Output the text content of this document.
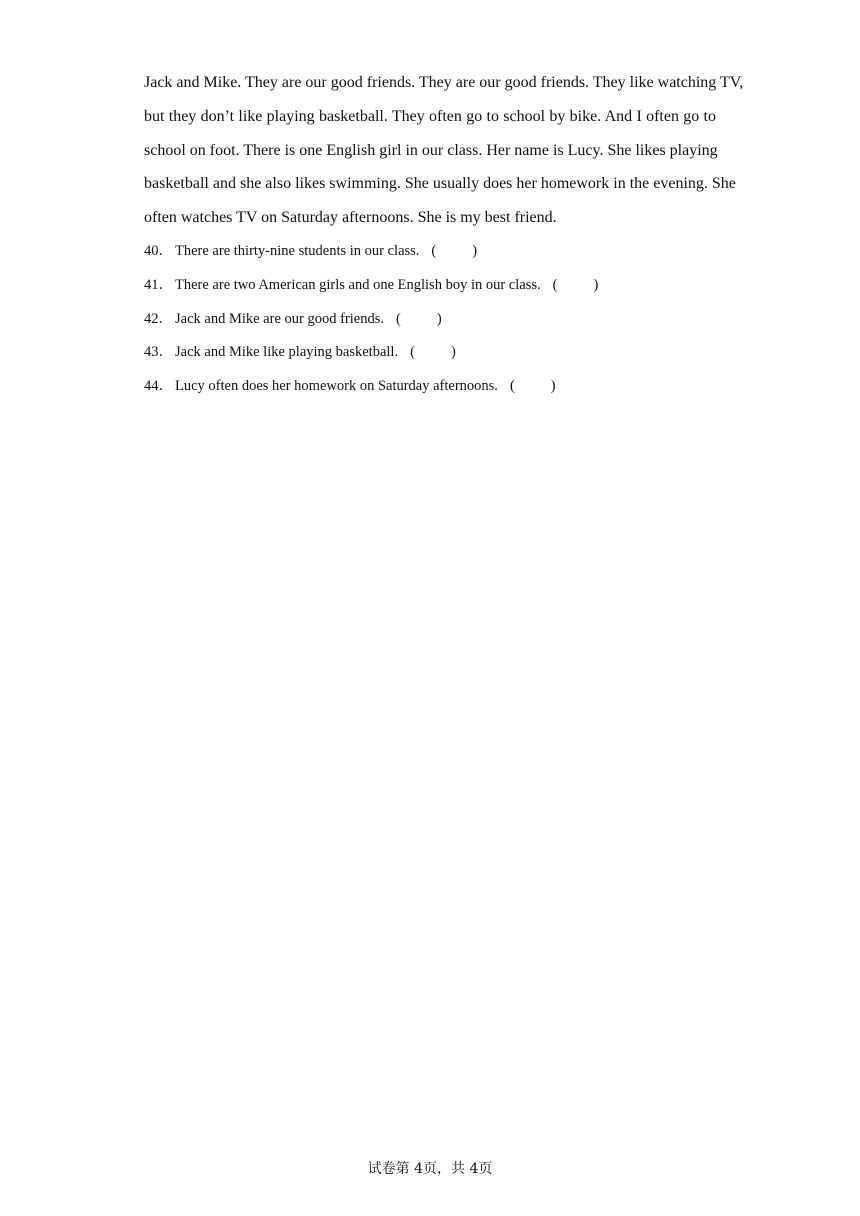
Jack and Mike. They are our good friends. They are our good friends. They like watching TV,
but they don’t like playing basketball. They often go to school by bike. And I often go to
school on foot. There is one English girl in our class. Her name is Lucy. She likes playing
basketball and she also likes swimming. She usually does her homework in the evening. She
often watches TV on Saturday afternoons. She is my best friend.
40． There are thirty-nine students in our class. ( )
41． There are two American girls and one English boy in our class. ( )
42． Jack and Mike are our good friends. ( )
43． Jack and Mike like playing basketball. ( )
44． Lucy often does her homework on Saturday afternoons. ( )
试卷第 4页，共 4页
